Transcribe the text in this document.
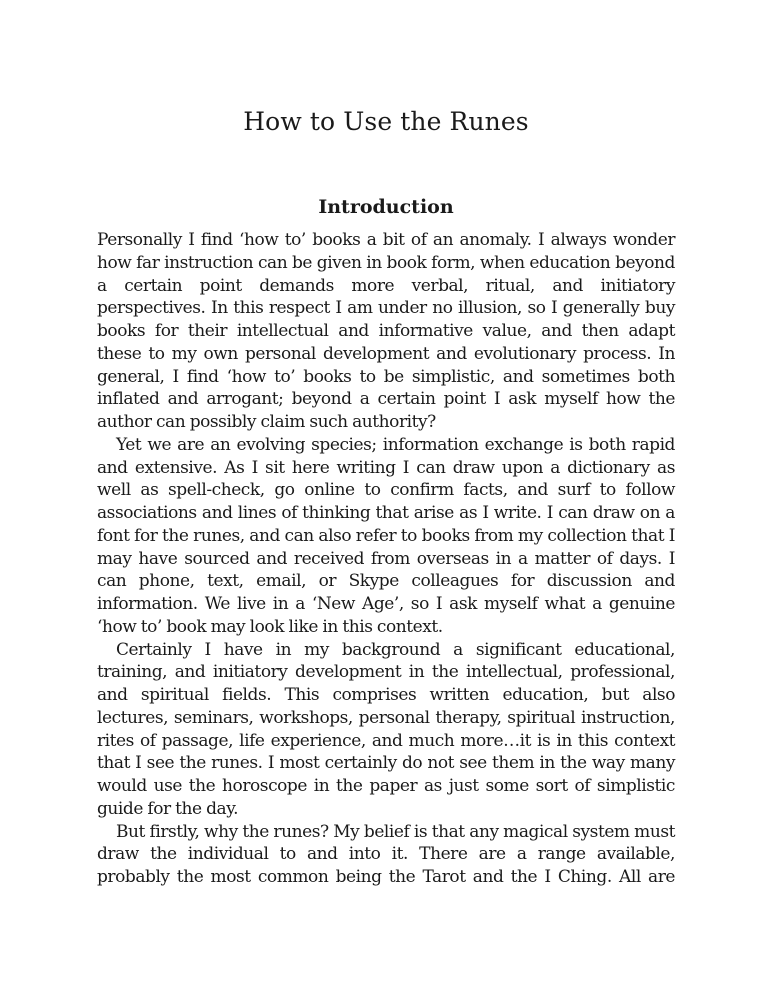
How to Use the Runes
Introduction

Personally I find ‘how to’ books a bit of an anomaly. I always wonder how far instruction can be given in book form, when education beyond a certain point demands more verbal, ritual, and initiatory perspectives. In this respect I am under no illusion, so I generally buy books for their intellectual and informative value, and then adapt these to my own personal development and evolutionary process. In general, I find ‘how to’ books to be simplistic, and sometimes both inflated and arrogant; beyond a certain point I ask myself how the author can possibly claim such authority?

Yet we are an evolving species; information exchange is both rapid and extensive. As I sit here writing I can draw upon a dictionary as well as spell-check, go online to confirm facts, and surf to follow associations and lines of thinking that arise as I write. I can draw on a font for the runes, and can also refer to books from my collection that I may have sourced and received from overseas in a matter of days. I can phone, text, email, or Skype colleagues for discussion and information. We live in a ‘New Age’, so I ask myself what a genuine ‘how to’ book may look like in this context.

Certainly I have in my background a significant educational, training, and initiatory development in the intellectual, professional, and spiritual fields. This comprises written education, but also lectures, seminars, workshops, personal therapy, spiritual instruction, rites of passage, life experience, and much more…it is in this context that I see the runes. I most certainly do not see them in the way many would use the horoscope in the paper as just some sort of simplistic guide for the day.

But firstly, why the runes? My belief is that any magical system must draw the individual to and into it. There are a range available, probably the most common being the Tarot and the I Ching. All are
